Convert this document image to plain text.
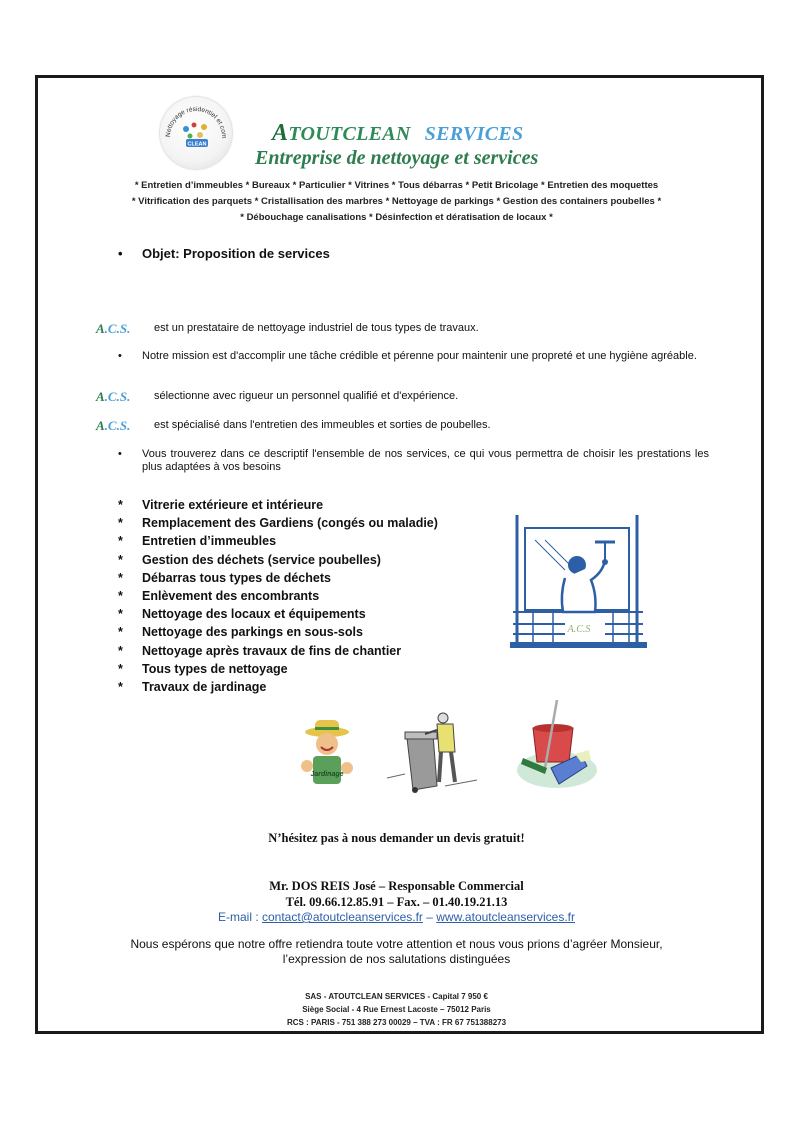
Nettoyage résidentiel et com
CLEAN	ATOUTCLEAN SERVICES
Entreprise de nettoyage et services
* Entretien d’immeubles * Bureaux * Particulier * Vitrines * Tous débarras * Petit Bricolage * Entretien des moquettes
* Vitrification des parquets * Cristallisation des marbres * Nettoyage de parkings * Gestion des containers poubelles *
* Débouchage canalisations * Désinfection et dératisation de locaux *
• Objet: Proposition de services
A.C.S. est un prestataire de nettoyage industriel de tous types de travaux.
• Notre mission est d'accomplir une tâche crédible et pérenne pour maintenir une propreté et une hygiène agréable.
A.C.S. sélectionne avec rigueur un personnel qualifié et d'expérience.
A.C.S. est spécialisé dans l'entretien des immeubles et sorties de poubelles.
• Vous trouverez dans ce descriptif l'ensemble de nos services, ce qui vous permettra de choisir les prestations les plus adaptées à vos besoins
* Vitrerie extérieure et intérieure
* Remplacement des Gardiens (congés ou maladie)
* Entretien d’immeubles
* Gestion des déchets (service poubelles)
* Débarras tous types de déchets
* Enlèvement des encombrants
* Nettoyage des locaux et équipements
* Nettoyage des parkings en sous-sols
* Nettoyage après travaux de fins de chantier
* Tous types de nettoyage
* Travaux de jardinage
A.C.S
Jardinage
N’hésitez pas à nous demander un devis gratuit!
Mr. DOS REIS José – Responsable Commercial
Tél. 09.66.12.85.91 – Fax. – 01.40.19.21.13
E-mail : contact@atoutcleanservices.fr – www.atoutcleanservices.fr
Nous espérons que notre offre retiendra toute votre attention et nous vous prions d’agréer Monsieur,
l’expression de nos salutations distinguées
SAS - ATOUTCLEAN SERVICES - Capital 7 950 €
Siège Social - 4 Rue Ernest Lacoste – 75012 Paris
RCS : PARIS - 751 388 273 00029 – TVA : FR 67 751388273
